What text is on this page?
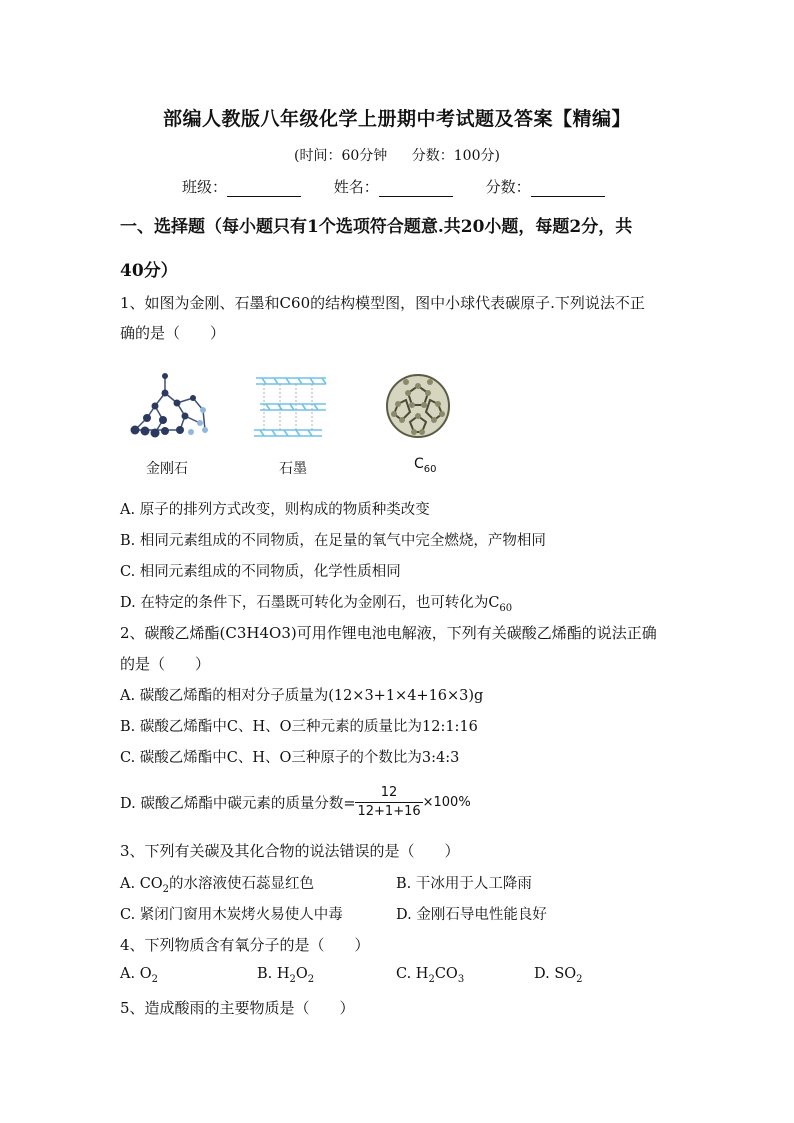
部编人教版八年级化学上册期中考试题及答案【精编】
(时间：60分钟 分数：100分)
班级：	姓名：	分数：
一、选择题（每小题只有1个选项符合题意.共20小题，每题2分，共
40分）
1、如图为金刚、石墨和C60的结构模型图，图中小球代表碳原子.下列说法不正
确的是（　　）
金刚石	石墨	$C_{60}$
A. 原子的排列方式改变，则构成的物质种类改变
B. 相同元素组成的不同物质，在足量的氧气中完全燃烧，产物相同
C. 相同元素组成的不同物质，化学性质相同
D. 在特定的条件下，石墨既可转化为金刚石，也可转化为$C_{60}$
2、碳酸乙烯酯(C3H4O3)可用作锂电池电解液，下列有关碳酸乙烯酯的说法正确
的是（　　）
A. 碳酸乙烯酯的相对分子质量为(12×3+1×4+16×3)g
B. 碳酸乙烯酯中C、H、O三种元素的质量比为12:1:16
C. 碳酸乙烯酯中C、H、O三种原子的个数比为3:4:3
D. 碳酸乙烯酯中碳元素的质量分数= $\frac{12}{12+1+16} \times 100\%$
3、下列有关碳及其化合物的说法错误的是（　　）
A. $CO_2$的水溶液使石蕊显红色	B. 干冰用于人工降雨
C. 紧闭门窗用木炭烤火易使人中毒	D. 金刚石导电性能良好
4、下列物质含有氧分子的是（　　）
A. $O_2$	B. $H_2O_2$	C. $H_2CO_3$	D. $SO_2$
5、造成酸雨的主要物质是（　　）
